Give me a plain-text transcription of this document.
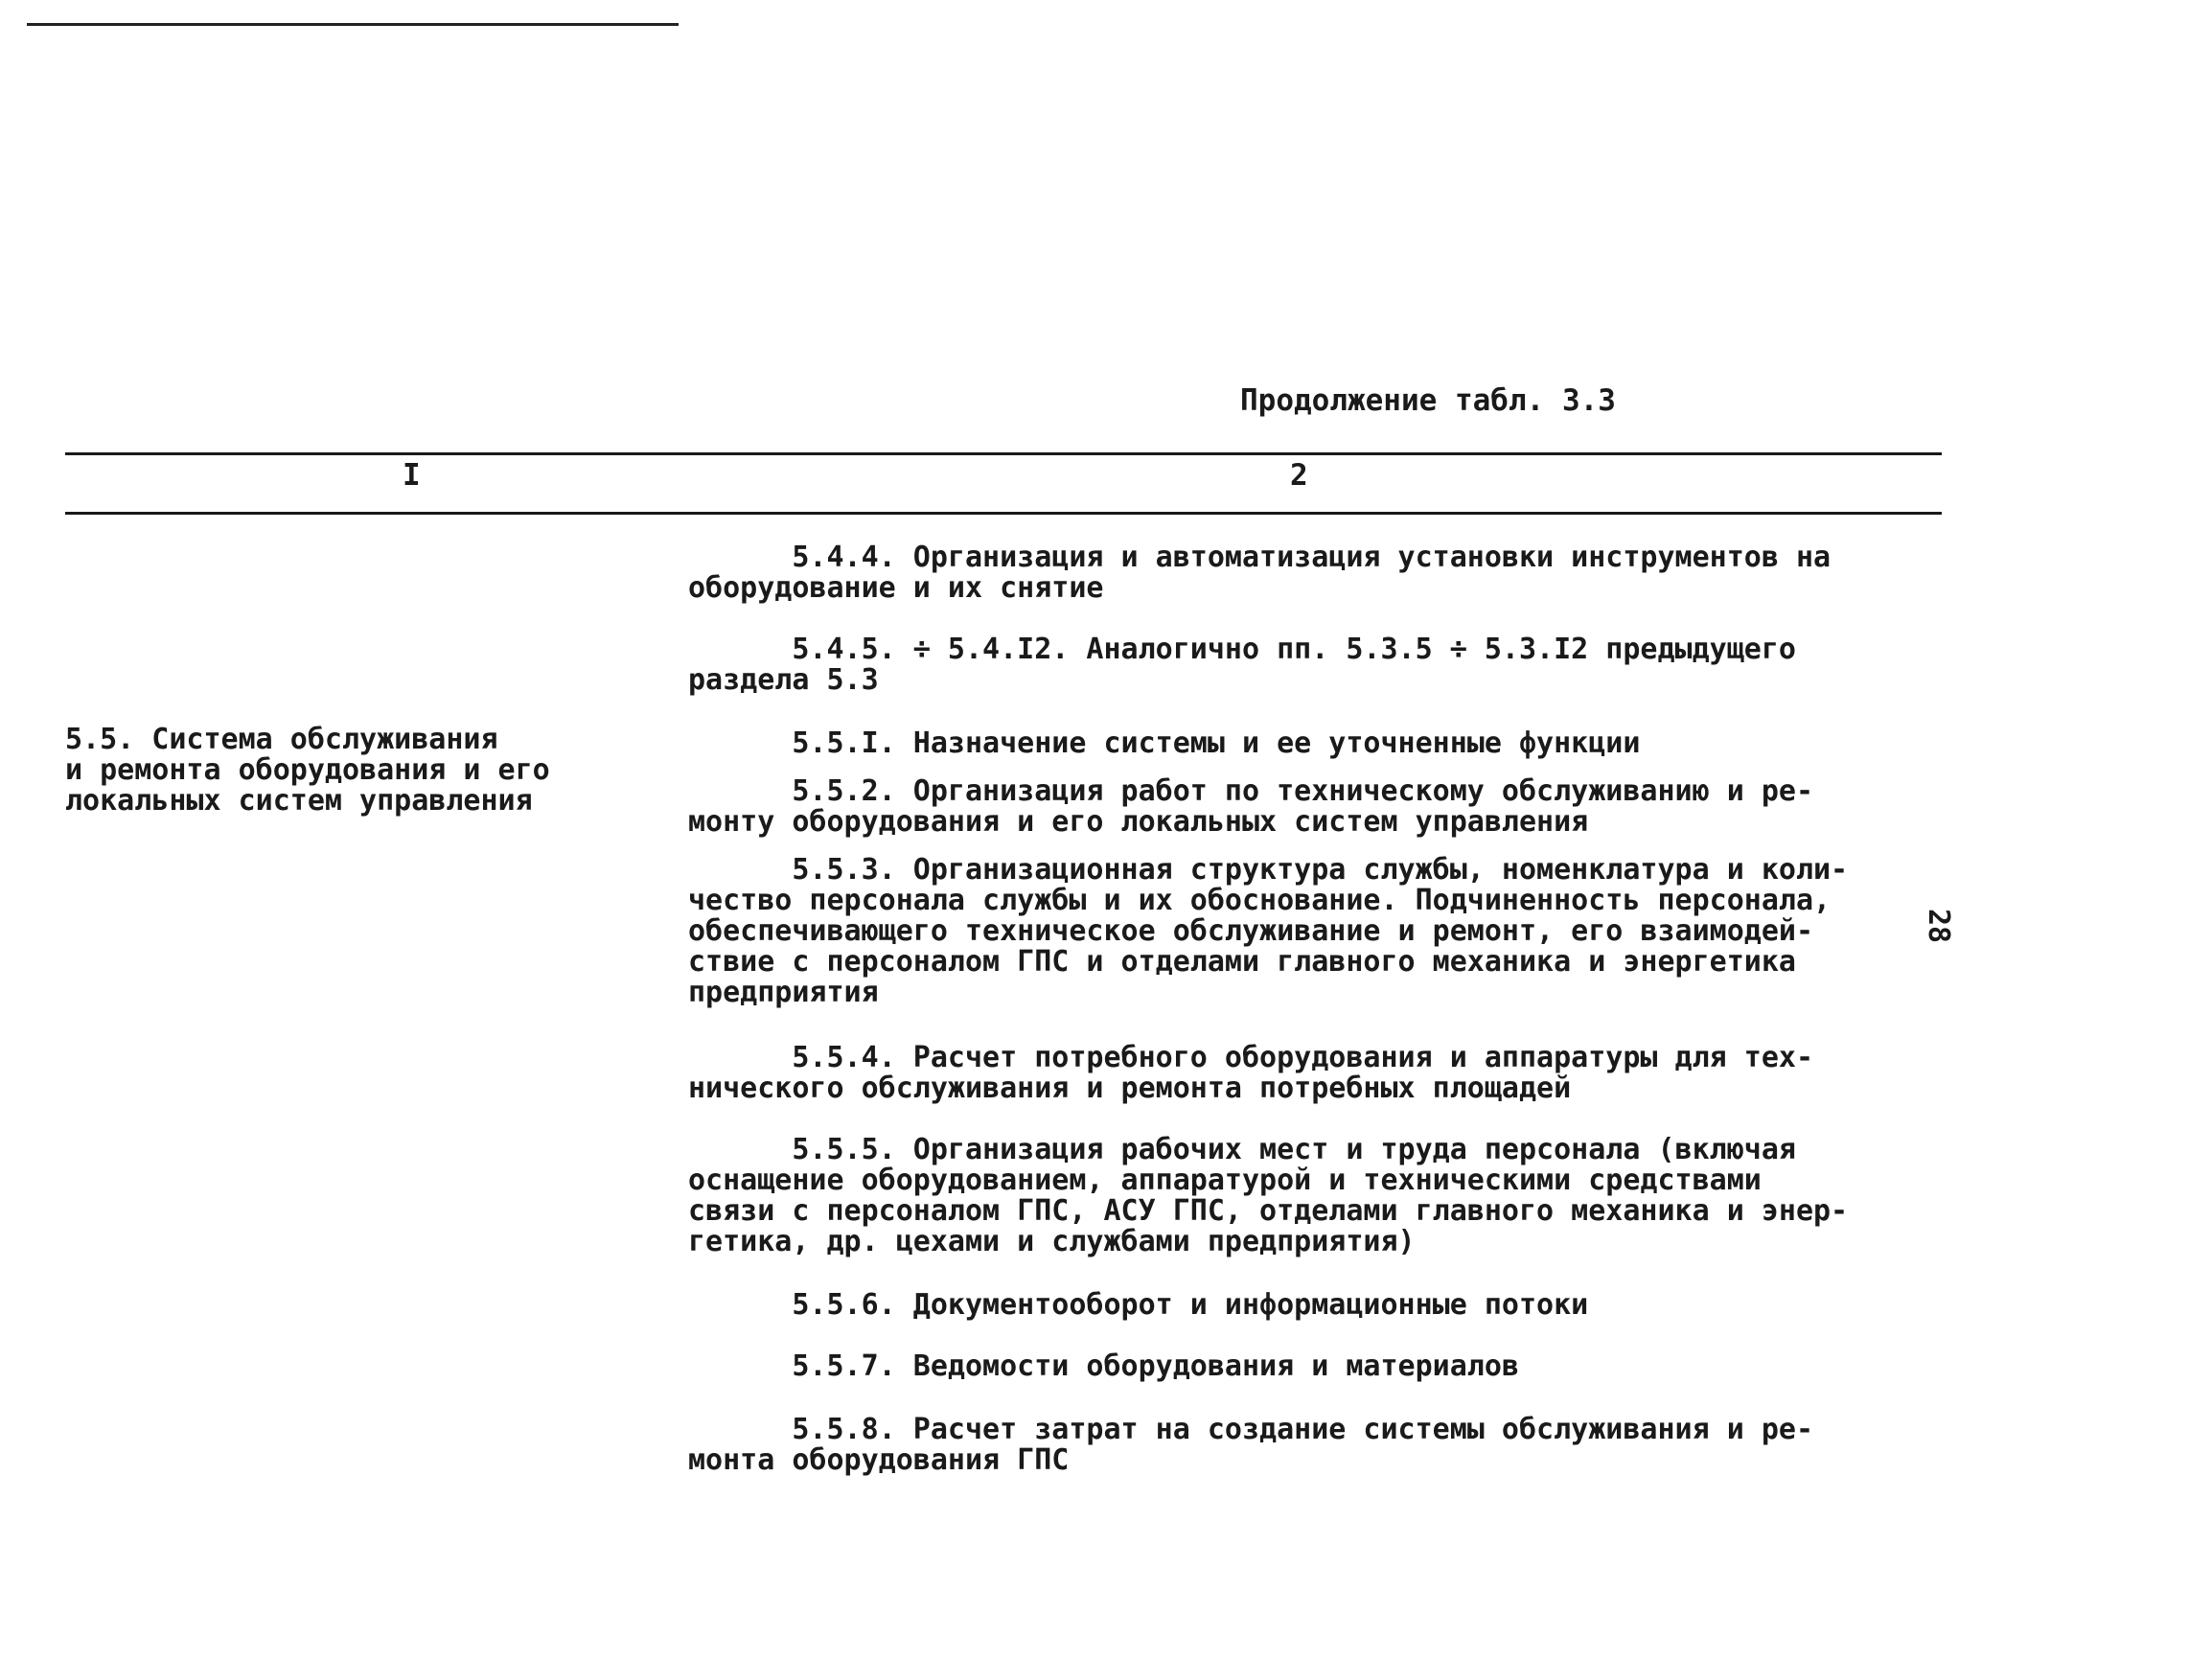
Продолжение табл. 3.3
I	2
5.5. Система обслуживания
и ремонта оборудования и его
локальных систем управления
5.4.4. Организация и автоматизация установки инструментов на
оборудование и их снятие
5.4.5. ÷ 5.4.I2. Аналогично пп. 5.3.5 ÷ 5.3.I2 предыдущего
раздела 5.3
5.5.I. Назначение системы и ее уточненные функции
5.5.2. Организация работ по техническому обслуживанию и ре-
монту оборудования и его локальных систем управления
5.5.3. Организационная структура службы, номенклатура и коли-
чество персонала службы и их обоснование. Подчиненность персонала,
обеспечивающего техническое обслуживание и ремонт, его взаимодей-
ствие с персоналом ГПС и отделами главного механика и энергетика
предприятия
5.5.4. Расчет потребного оборудования и аппаратуры для тех-
нического обслуживания и ремонта потребных площадей
5.5.5. Организация рабочих мест и труда персонала (включая
оснащение оборудованием, аппаратурой и техническими средствами
связи с персоналом ГПС, АСУ ГПС, отделами главного механика и энер-
гетика, др. цехами и службами предприятия)
5.5.6. Документооборот и информационные потоки
5.5.7. Ведомости оборудования и материалов
5.5.8. Расчет затрат на создание системы обслуживания и ре-
монта оборудования ГПС
28
